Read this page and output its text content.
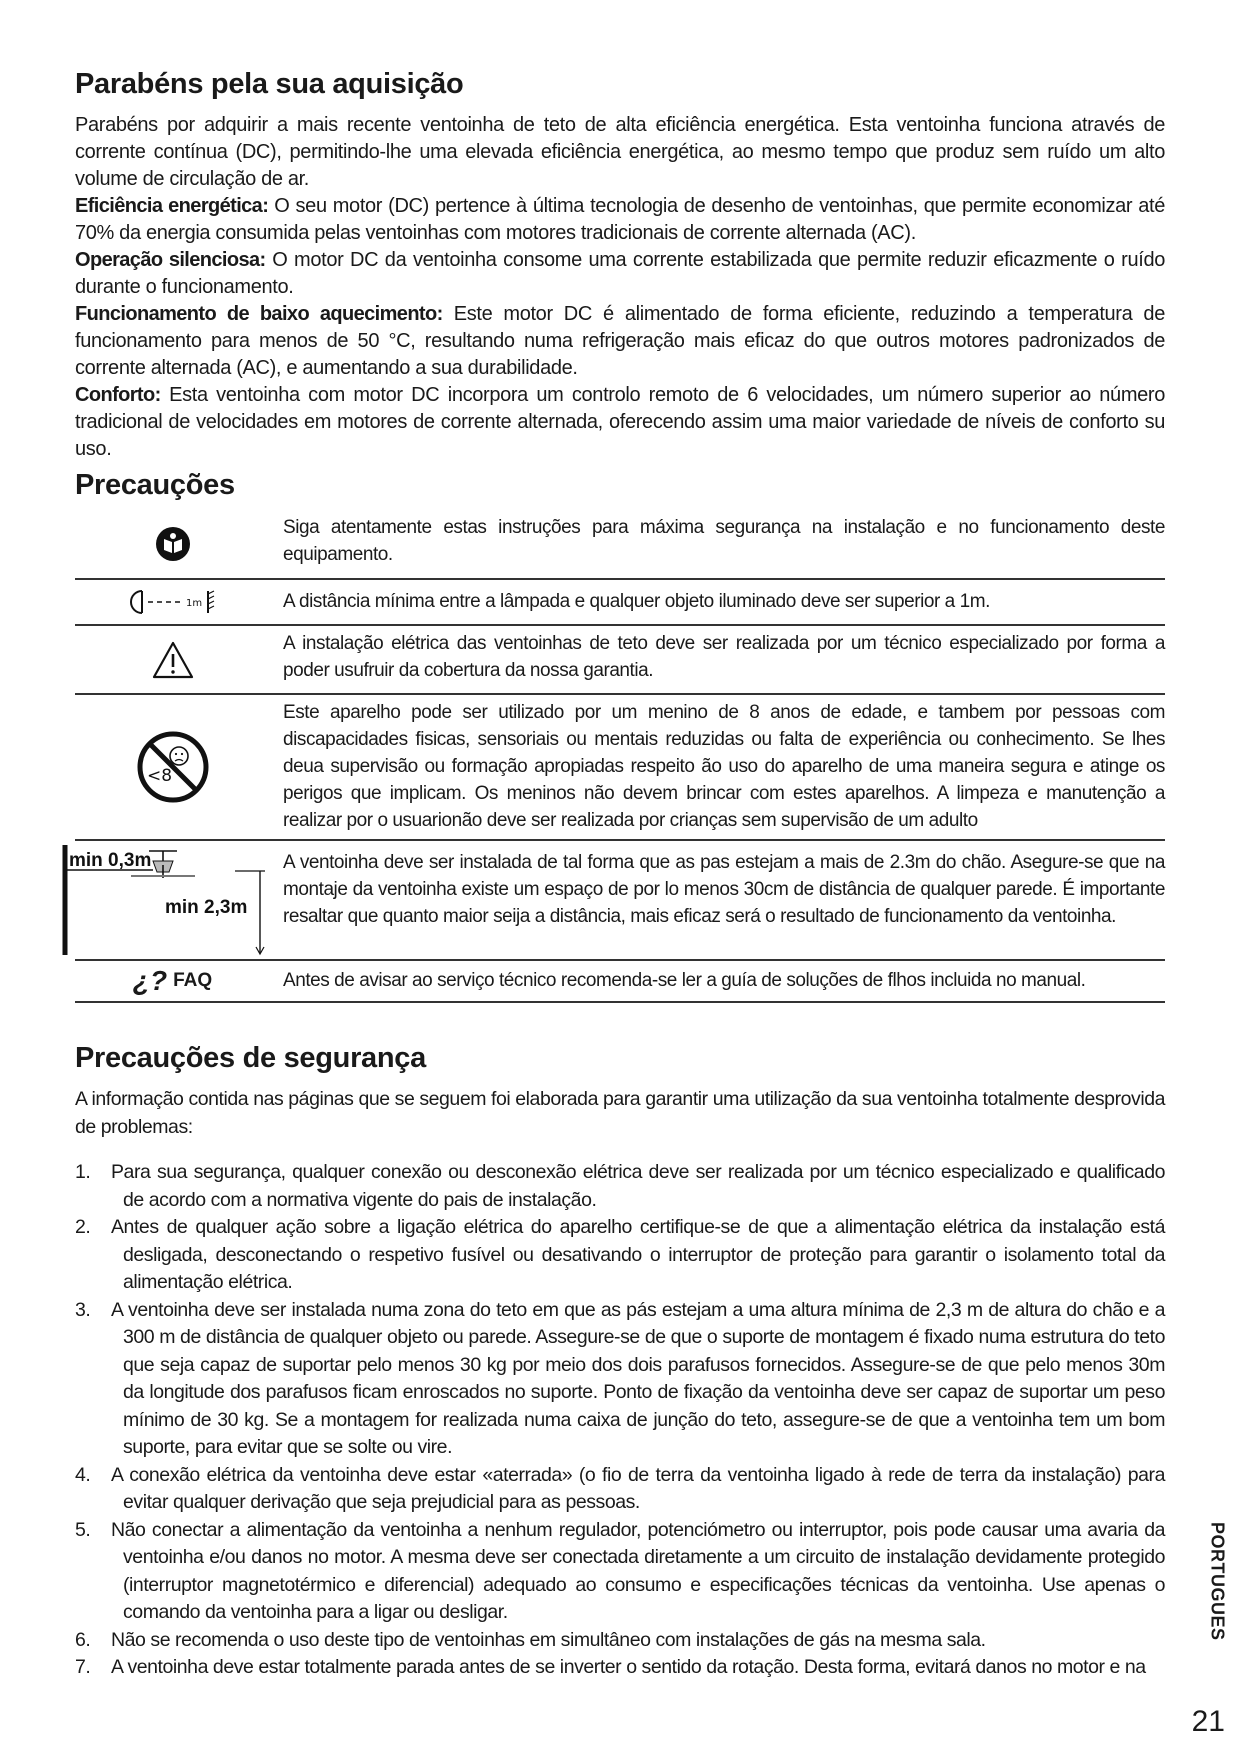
Parabéns pela sua aquisição

Parabéns por adquirir a mais recente ventoinha de teto de alta eficiência energética. Esta ventoinha funciona através de corrente contínua (DC), permitindo-lhe uma elevada eficiência energética, ao mesmo tempo que produz sem ruído um alto volume de circulação de ar.

Eficiência energética: O seu motor (DC) pertence à última tecnologia de desenho de ventoinhas, que permite economizar até 70% da energia consumida pelas ventoinhas com motores tradicionais de corrente alternada (AC).

Operação silenciosa: O motor DC da ventoinha consome uma corrente estabilizada que permite reduzir eficazmente o ruído durante o funcionamento.

Funcionamento de baixo aquecimento: Este motor DC é alimentado de forma eficiente, reduzindo a temperatura de funcionamento para menos de 50 °C, resultando numa refrigeração mais eficaz do que outros motores padronizados de corrente alternada (AC), e aumentando a sua durabilidade.

Conforto: Esta ventoinha com motor DC incorpora um controlo remoto de 6 velocidades, um número superior ao número tradicional de velocidades em motores de corrente alternada, oferecendo assim uma maior variedade de níveis de conforto su uso.

Precauções
Siga atentamente estas instruções para máxima segurança na instalação e no funcionamento deste equipamento.
1m	A distância mínima entre a lâmpada e qualquer objeto iluminado deve ser superior a 1m.
A instalação elétrica das ventoinhas de teto deve ser realizada por um técnico especializado por forma a poder usufruir da cobertura da nossa garantia.
<8
Este aparelho pode ser utilizado por um menino de 8 anos de edade, e tambem por pessoas com discapacidades fisicas, sensoriais ou mentais reduzidas ou falta de experiência ou conhecimento. Se lhes deua supervisão ou formação apropiadas respeito ão uso do aparelho de uma maneira segura e atinge os perigos que implicam. Os meninos não devem brincar com estes aparelhos. A limpeza e manutenção a realizar por o usuarionão deve ser realizada por crianças sem supervisão de um adulto
min 0,3m
min 2,3m
A ventoinha deve ser instalada de tal forma que as pas estejam a mais de 2.3m do chão. Asegure-se que na montaje da ventoinha existe um espaço de por lo menos 30cm de distância de qualquer parede. É importante resaltar que quanto maior seija a distância, mais eficaz será o resultado de funcionamento da ventoinha.
¿? FAQ	Antes de avisar ao serviço técnico recomenda-se ler a guía de soluções de flhos incluida no manual.
Precauções de segurança

A informação contida nas páginas que se seguem foi elaborada para garantir uma utilização da sua ventoinha totalmente desprovida de problemas:

1. Para sua segurança, qualquer conexão ou desconexão elétrica deve ser realizada por um técnico especializado e qualificado de acordo com a normativa vigente do pais de instalação.
2. Antes de qualquer ação sobre a ligação elétrica do aparelho certifique-se de que a alimentação elétrica da instalação está desligada, desconectando o respetivo fusível ou desativando o interruptor de proteção para garantir o isolamento total da alimentação elétrica.
3. A ventoinha deve ser instalada numa zona do teto em que as pás estejam a uma altura mínima de 2,3 m de altura do chão e a 300 m de distância de qualquer objeto ou parede. Assegure-se de que o suporte de montagem é fixado numa estrutura do teto que seja capaz de suportar pelo menos 30 kg por meio dos dois parafusos fornecidos. Assegure-se de que pelo menos 30m da longitude dos parafusos ficam enroscados no suporte. Ponto de fixação da ventoinha deve ser capaz de suportar um peso mínimo de 30 kg. Se a montagem for realizada numa caixa de junção do teto, assegure-se de que a ventoinha tem um bom suporte, para evitar que se solte ou vire.
4. A conexão elétrica da ventoinha deve estar «aterrada» (o fio de terra da ventoinha ligado à rede de terra da instalação) para evitar qualquer derivação que seja prejudicial para as pessoas.
5. Não conectar a alimentação da ventoinha a nenhum regulador, potenciómetro ou interruptor, pois pode causar uma avaria da ventoinha e/ou danos no motor. A mesma deve ser conectada diretamente a um circuito de instalação devidamente protegido (interruptor magnetotérmico e diferencial) adequado ao consumo e especificações técnicas da ventoinha. Use apenas o comando da ventoinha para a ligar ou desligar.
6. Não se recomenda o uso deste tipo de ventoinhas em simultâneo com instalações de gás na mesma sala.
7. A ventoinha deve estar totalmente parada antes de se inverter o sentido da rotação. Desta forma, evitará danos no motor e na
PORTUGUES
21
